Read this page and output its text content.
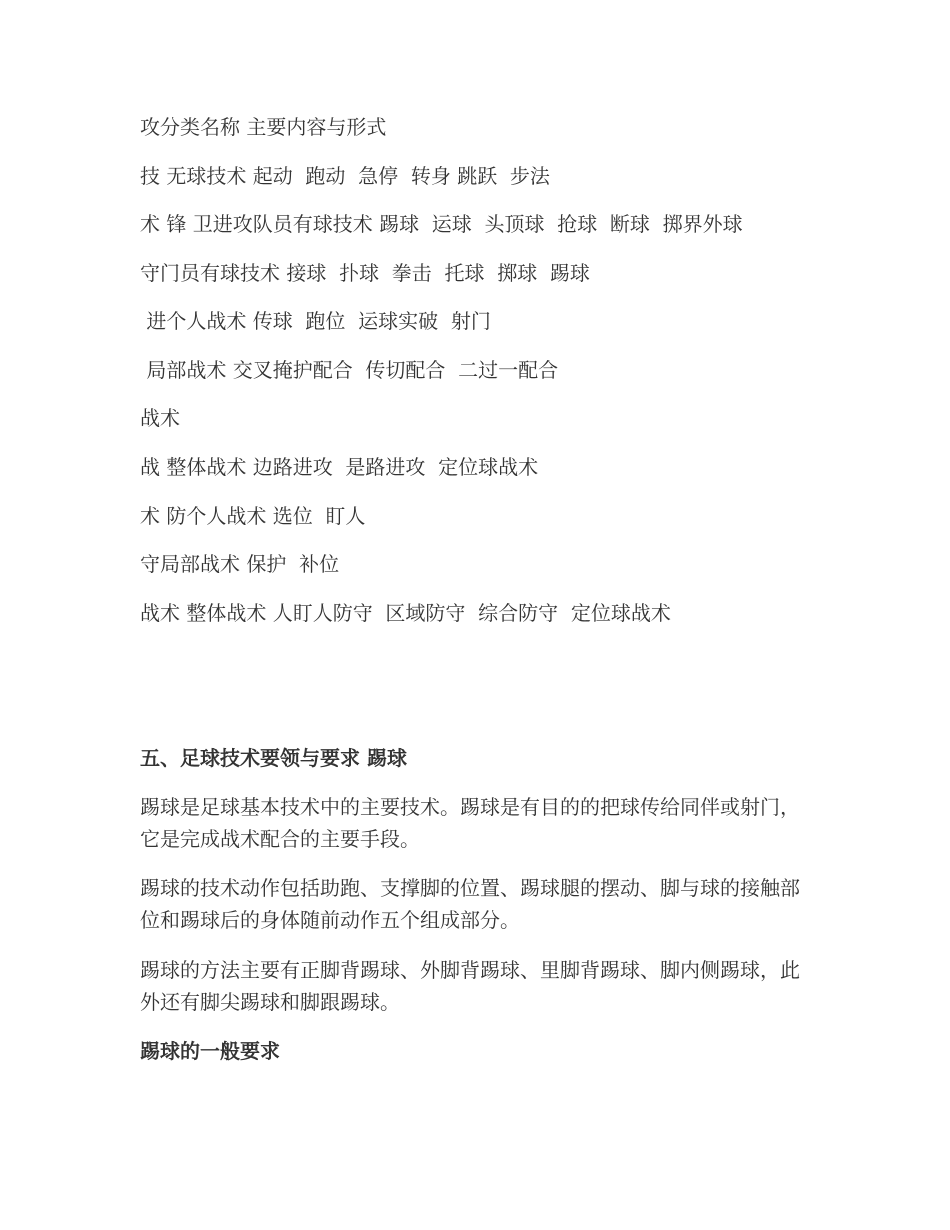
攻分类名称 主要内容与形式
技 无球技术 起动  跑动  急停  转身 跳跃  步法
术 锋 卫进攻队员有球技术 踢球  运球  头顶球  抢球  断球  掷界外球
守门员有球技术 接球  扑球  拳击  托球  掷球  踢球
进个人战术 传球  跑位  运球实破  射门
局部战术 交叉掩护配合  传切配合  二过一配合
战术
战 整体战术 边路进攻  是路进攻  定位球战术
术 防个人战术 选位  盯人
守局部战术 保护  补位
战术 整体战术 人盯人防守  区域防守  综合防守  定位球战术
五、足球技术要领与要求 踢球
踢球是足球基本技术中的主要技术。踢球是有目的的把球传给同伴或射门，它是完成战术配合的主要手段。
踢球的技术动作包括助跑、支撑脚的位置、踢球腿的摆动、脚与球的接触部位和踢球后的身体随前动作五个组成部分。
踢球的方法主要有正脚背踢球、外脚背踢球、里脚背踢球、脚内侧踢球，此外还有脚尖踢球和脚跟踢球。
踢球的一般要求
